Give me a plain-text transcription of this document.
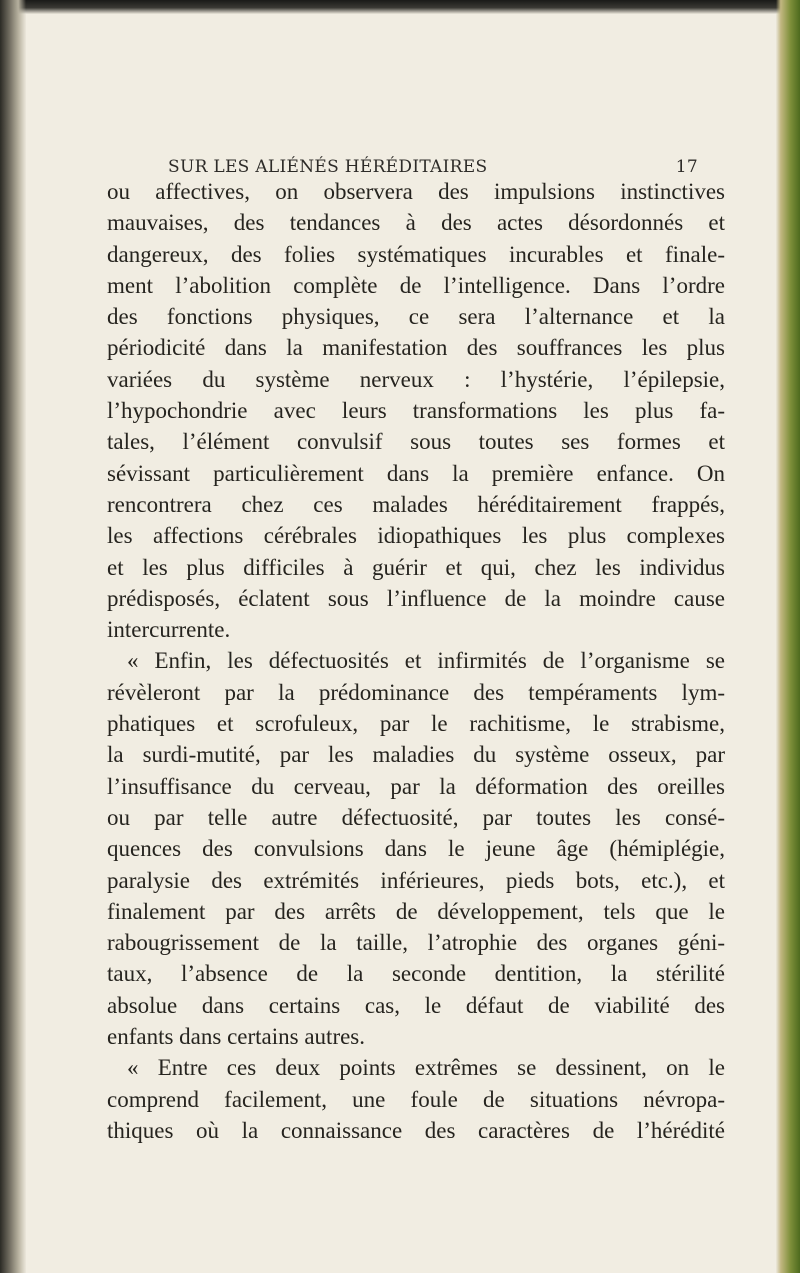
SUR LES ALIÉNÉS HÉRÉDITAIRES	17
ou affectives, on observera des impulsions instinctives
mauvaises, des tendances à des actes désordonnés et
dangereux, des folies systématiques incurables et finale-
ment l’abolition complète de l’intelligence. Dans l’ordre
des fonctions physiques, ce sera l’alternance et la
périodicité dans la manifestation des souffrances les plus
variées du système nerveux : l’hystérie, l’épilepsie,
l’hypochondrie avec leurs transformations les plus fa-
tales, l’élément convulsif sous toutes ses formes et
sévissant particulièrement dans la première enfance. On
rencontrera chez ces malades héréditairement frappés,
les affections cérébrales idiopathiques les plus complexes
et les plus difficiles à guérir et qui, chez les individus
prédisposés, éclatent sous l’influence de la moindre cause
intercurrente.
« Enfin, les défectuosités et infirmités de l’organisme se
révèleront par la prédominance des tempéraments lym-
phatiques et scrofuleux, par le rachitisme, le strabisme,
la surdi-mutité, par les maladies du système osseux, par
l’insuffisance du cerveau, par la déformation des oreilles
ou par telle autre défectuosité, par toutes les consé-
quences des convulsions dans le jeune âge (hémiplégie,
paralysie des extrémités inférieures, pieds bots, etc.), et
finalement par des arrêts de développement, tels que le
rabougrissement de la taille, l’atrophie des organes géni-
taux, l’absence de la seconde dentition, la stérilité
absolue dans certains cas, le défaut de viabilité des
enfants dans certains autres.
« Entre ces deux points extrêmes se dessinent, on le
comprend facilement, une foule de situations névropa-
thiques où la connaissance des caractères de l’hérédité
